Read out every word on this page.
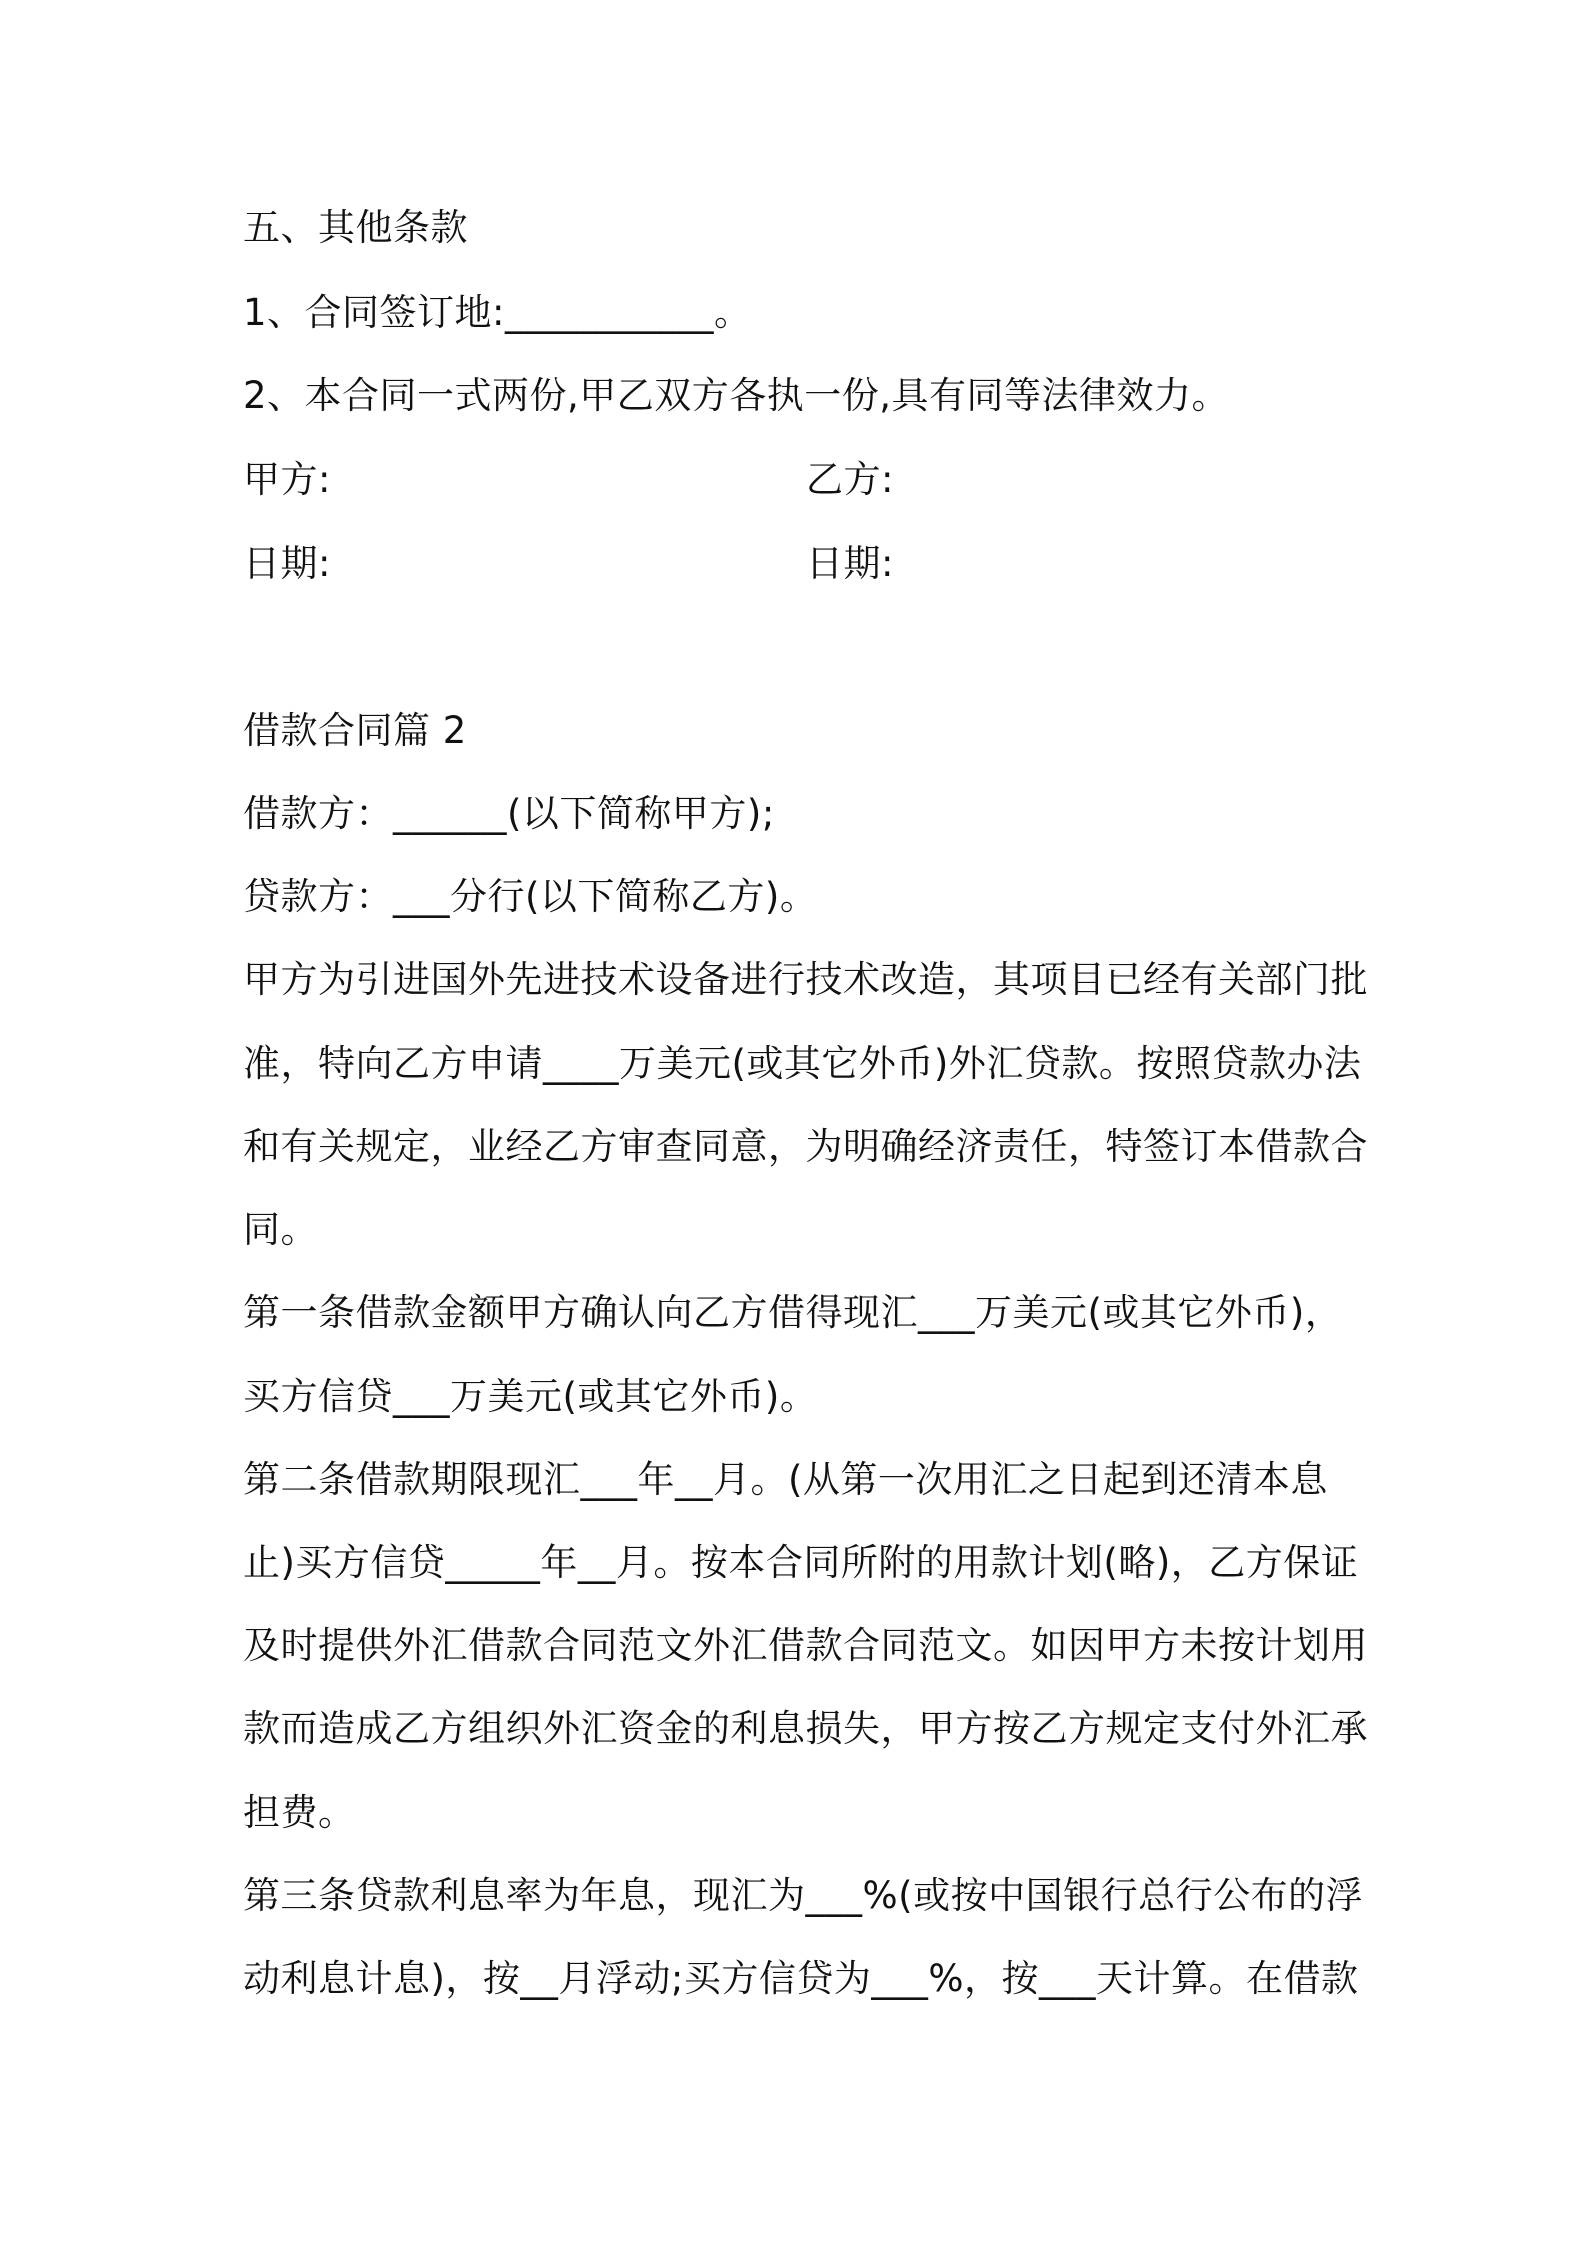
五、其他条款
1、合同签订地:___________。
2、本合同一式两份,甲乙双方各执一份,具有同等法律效力。
甲方:	乙方:
日期:	日期:
借款合同篇 2
借款方：______(以下简称甲方);
贷款方：___分行(以下简称乙方)。
甲方为引进国外先进技术设备进行技术改造，其项目已经有关部门批
准，特向乙方申请____万美元(或其它外币)外汇贷款。按照贷款办法
和有关规定，业经乙方审查同意，为明确经济责任，特签订本借款合
同。
第一条借款金额甲方确认向乙方借得现汇___万美元(或其它外币)，
买方信贷___万美元(或其它外币)。
第二条借款期限现汇___年__月。(从第一次用汇之日起到还清本息
止)买方信贷_____年__月。按本合同所附的用款计划(略)，乙方保证
及时提供外汇借款合同范文外汇借款合同范文。如因甲方未按计划用
款而造成乙方组织外汇资金的利息损失，甲方按乙方规定支付外汇承
担费。
第三条贷款利息率为年息，现汇为___%(或按中国银行总行公布的浮
动利息计息)，按__月浮动;买方信贷为___%，按___天计算。在借款
